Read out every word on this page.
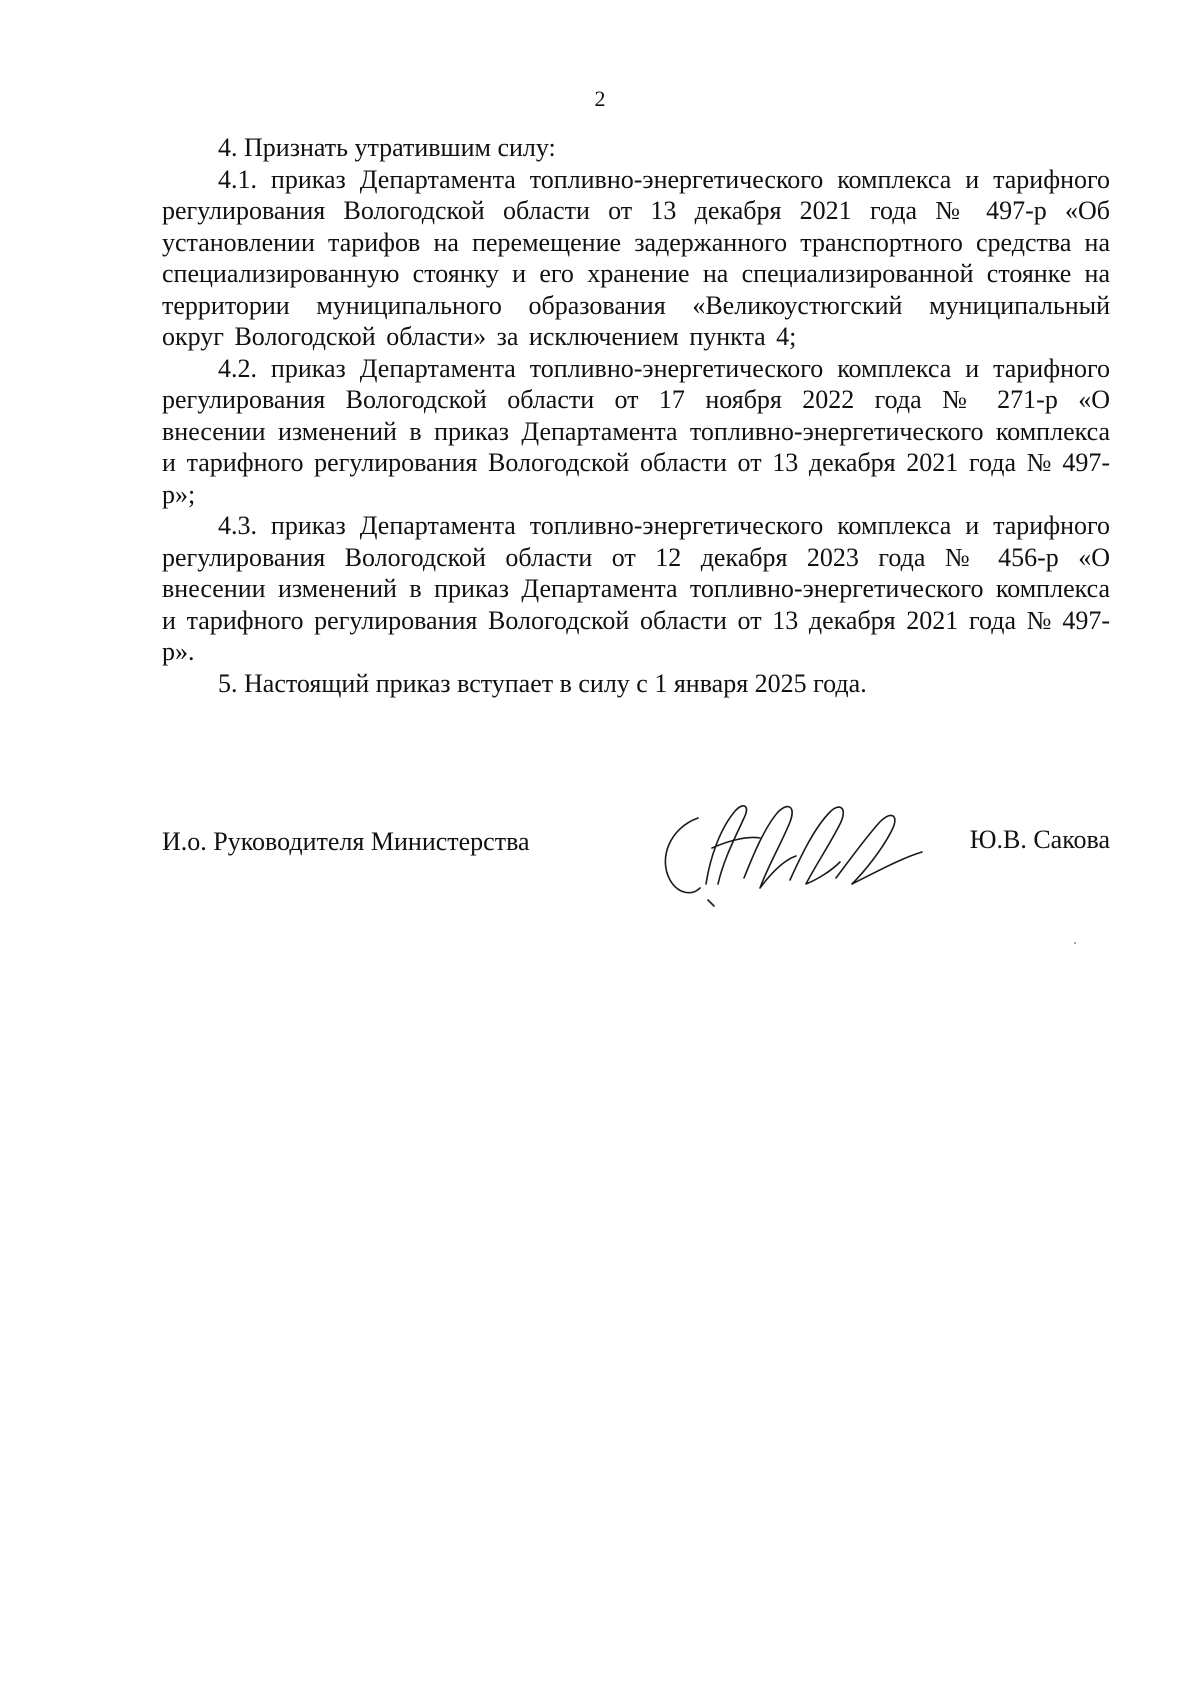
2

4. Признать утратившим силу:

4.1. приказ Департамента топливно-энергетического комплекса и тарифного регулирования Вологодской области от 13 декабря 2021 года № 497-р «Об установлении тарифов на перемещение задержанного транспортного средства на специализированную стоянку и его хранение на специализированной стоянке на территории муниципального образования «Великоустюгский муниципальный округ Вологодской области» за исключением пункта 4;

4.2. приказ Департамента топливно-энергетического комплекса и тарифного регулирования Вологодской области от 17 ноября 2022 года № 271-р «О внесении изменений в приказ Департамента топливно-энергетического комплекса и тарифного регулирования Вологодской области от 13 декабря 2021 года № 497-р»;

4.3. приказ Департамента топливно-энергетического комплекса и тарифного регулирования Вологодской области от 12 декабря 2023 года № 456-р «О внесении изменений в приказ Департамента топливно-энергетического комплекса и тарифного регулирования Вологодской области от 13 декабря 2021 года № 497-р».

5. Настоящий приказ вступает в силу с 1 января 2025 года.

И.о. Руководителя Министерства	Ю.В. Сакова
